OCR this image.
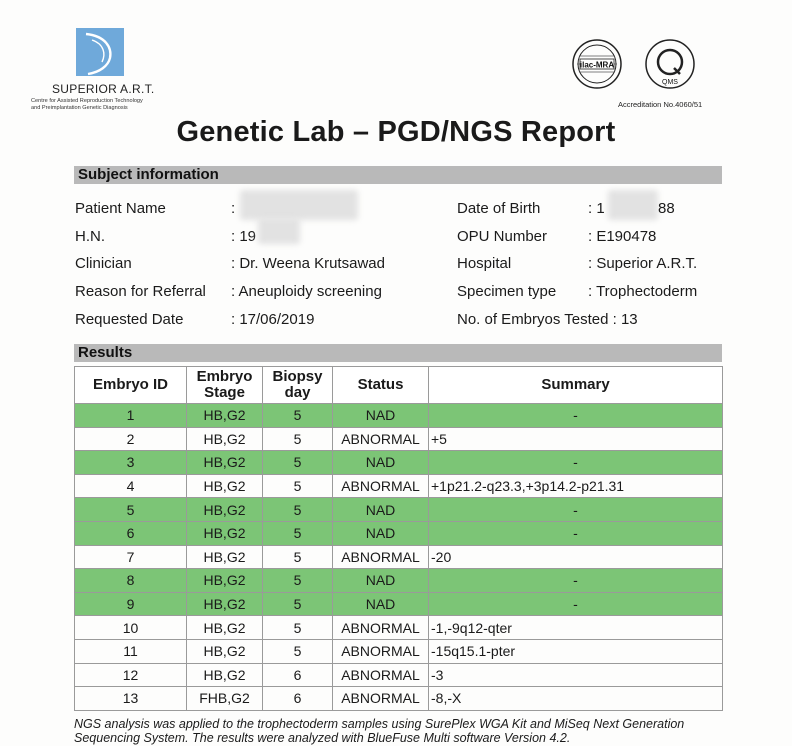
SUPERIOR A.R.T.
Centre for Assisted Reproduction Technology
and Preimplantation Genetic Diagnosis
ilac-MRA
QMS
Accreditation No.4060/51
Genetic Lab – PGD/NGS Report
Subject information
Patient Name	:
H.N.	: 19
Clinician	: Dr. Weena Krutsawad
Reason for Referral : Aneuploidy screening
Requested Date	: 17/06/2019
Date of Birth	: 1	88
OPU Number	: E190478
Hospital	: Superior A.R.T.
Specimen type : Trophectoderm
No. of Embryos Tested : 13
Results
Embryo ID	Embryo Stage	Biopsy day	Status	Summary
1	HB,G2	5	NAD	-
2	HB,G2	5	ABNORMAL	+5
3	HB,G2	5	NAD	-
4	HB,G2	5	ABNORMAL	+1p21.2-q23.3,+3p14.2-p21.31
5	HB,G2	5	NAD	-
6	HB,G2	5	NAD	-
7	HB,G2	5	ABNORMAL	-20
8	HB,G2	5	NAD	-
9	HB,G2	5	NAD	-
10	HB,G2	5	ABNORMAL	-1,-9q12-qter
11	HB,G2	5	ABNORMAL	-15q15.1-pter
12	HB,G2	6	ABNORMAL	-3
13	FHB,G2	6	ABNORMAL	-8,-X
NGS analysis was applied to the trophectoderm samples using SurePlex WGA Kit and MiSeq Next Generation Sequencing System. The results were analyzed with BlueFuse Multi software Version 4.2.
